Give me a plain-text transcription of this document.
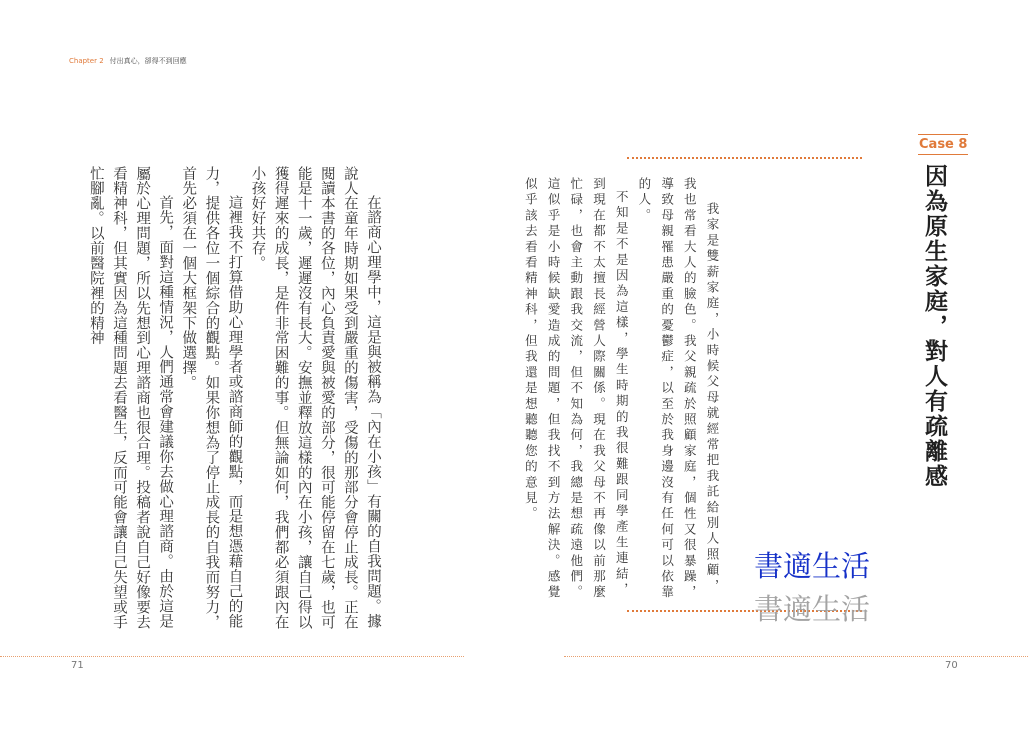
Chapter 2 付出真心，卻得不到回應

在諮商心理學中，這是與被稱為「內在小孩」有關的自我問題。據說人在童年時期如果受到嚴重的傷害，受傷的那部分會停止成長。正在閱讀本書的各位，內心負責愛與被愛的部分，很可能停留在七歲，也可能是十一歲，遲遲沒有長大。安撫並釋放這樣的內在小孩，讓自己得以獲得遲來的成長，是件非常困難的事。但無論如何，我們都必須跟內在小孩好好共存。

這裡我不打算借助心理學者或諮商師的觀點，而是想憑藉自己的能力，提供各位一個綜合的觀點。如果你想為了停止成長的自我而努力，首先必須在一個大框架下做選擇。

首先，面對這種情況，人們通常會建議你去做心理諮商。由於這是屬於心理問題，所以先想到心理諮商也很合理。投稿者說自己好像要去看精神科，但其實因為這種問題去看醫生，反而可能會讓自己失望或手忙腳亂。以前醫院裡的精神

71
Case 8
因為原生家庭，對人有疏離感

我家是雙薪家庭，小時候父母就經常把我託給別人照顧，我也常看大人的臉色。我父親疏於照顧家庭，個性又很暴躁，導致母親罹患嚴重的憂鬱症，以至於我身邊沒有任何可以依靠的人。

不知是不是因為這樣，學生時期的我很難跟同學產生連結，到現在都不太擅長經營人際關係。現在我父母不再像以前那麼忙碌，也會主動跟我交流，但不知為何，我總是想疏遠他們。這似乎是小時候缺愛造成的問題，但我找不到方法解決。感覺似乎該去看看精神科，但我還是想聽聽您的意見。

書適生活
書適生活
70
